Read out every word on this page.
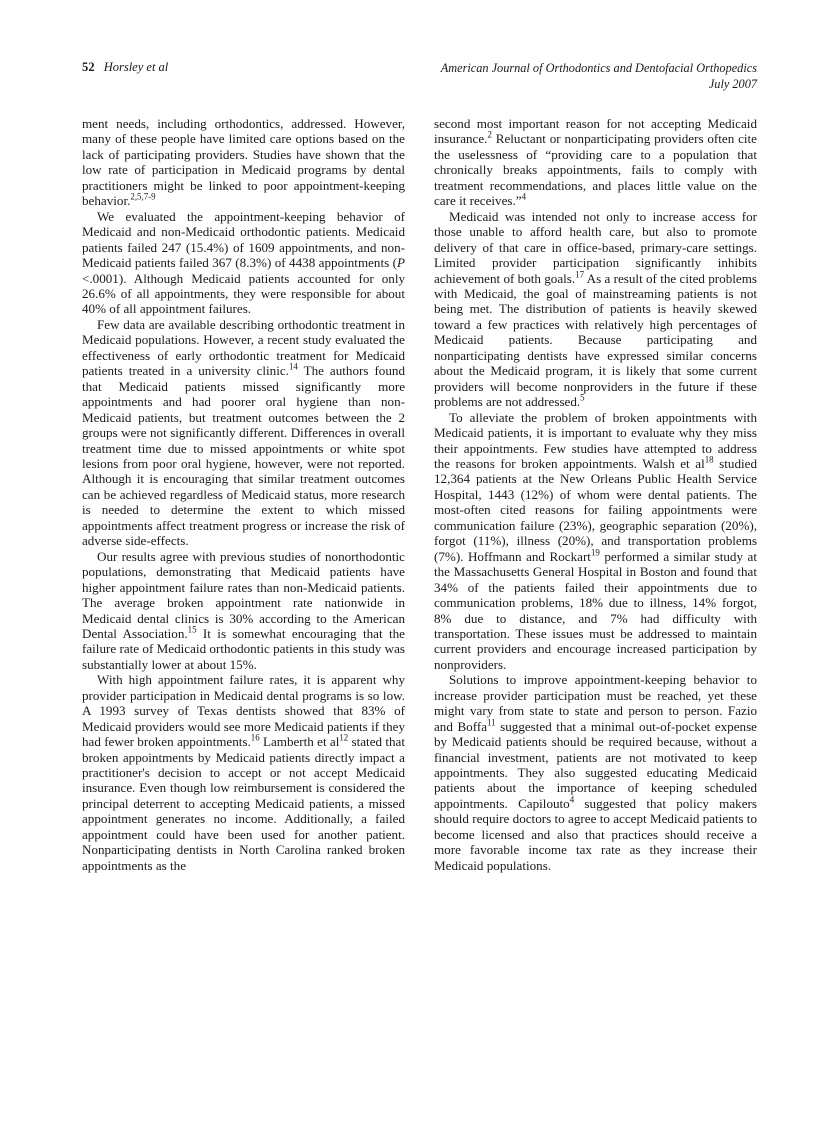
52 Horsley et al	American Journal of Orthodontics and Dentofacial Orthopedics
July 2007

ment needs, including orthodontics, addressed. However, many of these people have limited care options based on the lack of participating providers. Studies have shown that the low rate of participation in Medicaid programs by dental practitioners might be linked to poor appointment-keeping behavior.$^{2,5,7-9}$

We evaluated the appointment-keeping behavior of Medicaid and non-Medicaid orthodontic patients. Medicaid patients failed 247 (15.4%) of 1609 appointments, and non-Medicaid patients failed 367 (8.3%) of 4438 appointments (P <.0001). Although Medicaid patients accounted for only 26.6% of all appointments, they were responsible for about 40% of all appointment failures.

Few data are available describing orthodontic treatment in Medicaid populations. However, a recent study evaluated the effectiveness of early orthodontic treatment for Medicaid patients treated in a university clinic.$^{14}$ The authors found that Medicaid patients missed significantly more appointments and had poorer oral hygiene than non-Medicaid patients, but treatment outcomes between the 2 groups were not significantly different. Differences in overall treatment time due to missed appointments or white spot lesions from poor oral hygiene, however, were not reported. Although it is encouraging that similar treatment outcomes can be achieved regardless of Medicaid status, more research is needed to determine the extent to which missed appointments affect treatment progress or increase the risk of adverse side-effects.

Our results agree with previous studies of nonorthodontic populations, demonstrating that Medicaid patients have higher appointment failure rates than non-Medicaid patients. The average broken appointment rate nationwide in Medicaid dental clinics is 30% according to the American Dental Association.$^{15}$ It is somewhat encouraging that the failure rate of Medicaid orthodontic patients in this study was substantially lower at about 15%.

With high appointment failure rates, it is apparent why provider participation in Medicaid dental programs is so low. A 1993 survey of Texas dentists showed that 83% of Medicaid providers would see more Medicaid patients if they had fewer broken appointments.$^{16}$ Lamberth et $al^{12}$ stated that broken appointments by Medicaid patients directly impact a practitioner's decision to accept or not accept Medicaid insurance. Even though low reimbursement is considered the principal deterrent to accepting Medicaid patients, a missed appointment generates no income. Additionally, a failed appointment could have been used for another patient. Nonparticipating dentists in North Carolina ranked broken appointments as the

second most important reason for not accepting Medicaid insurance.$^2$ Reluctant or nonparticipating providers often cite the uselessness of “providing care to a population that chronically breaks appointments, fails to comply with treatment recommendations, and places little value on the care it receives.”$^4$

Medicaid was intended not only to increase access for those unable to afford health care, but also to promote delivery of that care in office-based, primary-care settings. Limited provider participation significantly inhibits achievement of both goals.$^{17}$ As a result of the cited problems with Medicaid, the goal of mainstreaming patients is not being met. The distribution of patients is heavily skewed toward a few practices with relatively high percentages of Medicaid patients. Because participating and nonparticipating dentists have expressed similar concerns about the Medicaid program, it is likely that some current providers will become nonproviders in the future if these problems are not addressed.$^5$

To alleviate the problem of broken appointments with Medicaid patients, it is important to evaluate why they miss their appointments. Few studies have attempted to address the reasons for broken appointments. Walsh et $al^{18}$ studied 12,364 patients at the New Orleans Public Health Service Hospital, 1443 (12%) of whom were dental patients. The most-often cited reasons for failing appointments were communication failure (23%), geographic separation (20%), forgot (11%), illness (20%), and transportation problems (7%). Hoffmann and Rockart$^{19}$ performed a similar study at the Massachusetts General Hospital in Boston and found that 34% of the patients failed their appointments due to communication problems, 18% due to illness, 14% forgot, 8% due to distance, and 7% had difficulty with transportation. These issues must be addressed to maintain current providers and encourage increased participation by nonproviders.

Solutions to improve appointment-keeping behavior to increase provider participation must be reached, yet these might vary from state to state and person to person. Fazio and Boffa$^{11}$ suggested that a minimal out-of-pocket expense by Medicaid patients should be required because, without a financial investment, patients are not motivated to keep appointments. They also suggested educating Medicaid patients about the importance of keeping scheduled appointments. Capilouto$^4$ suggested that policy makers should require doctors to agree to accept Medicaid patients to become licensed and also that practices should receive a more favorable income tax rate as they increase their Medicaid populations.
